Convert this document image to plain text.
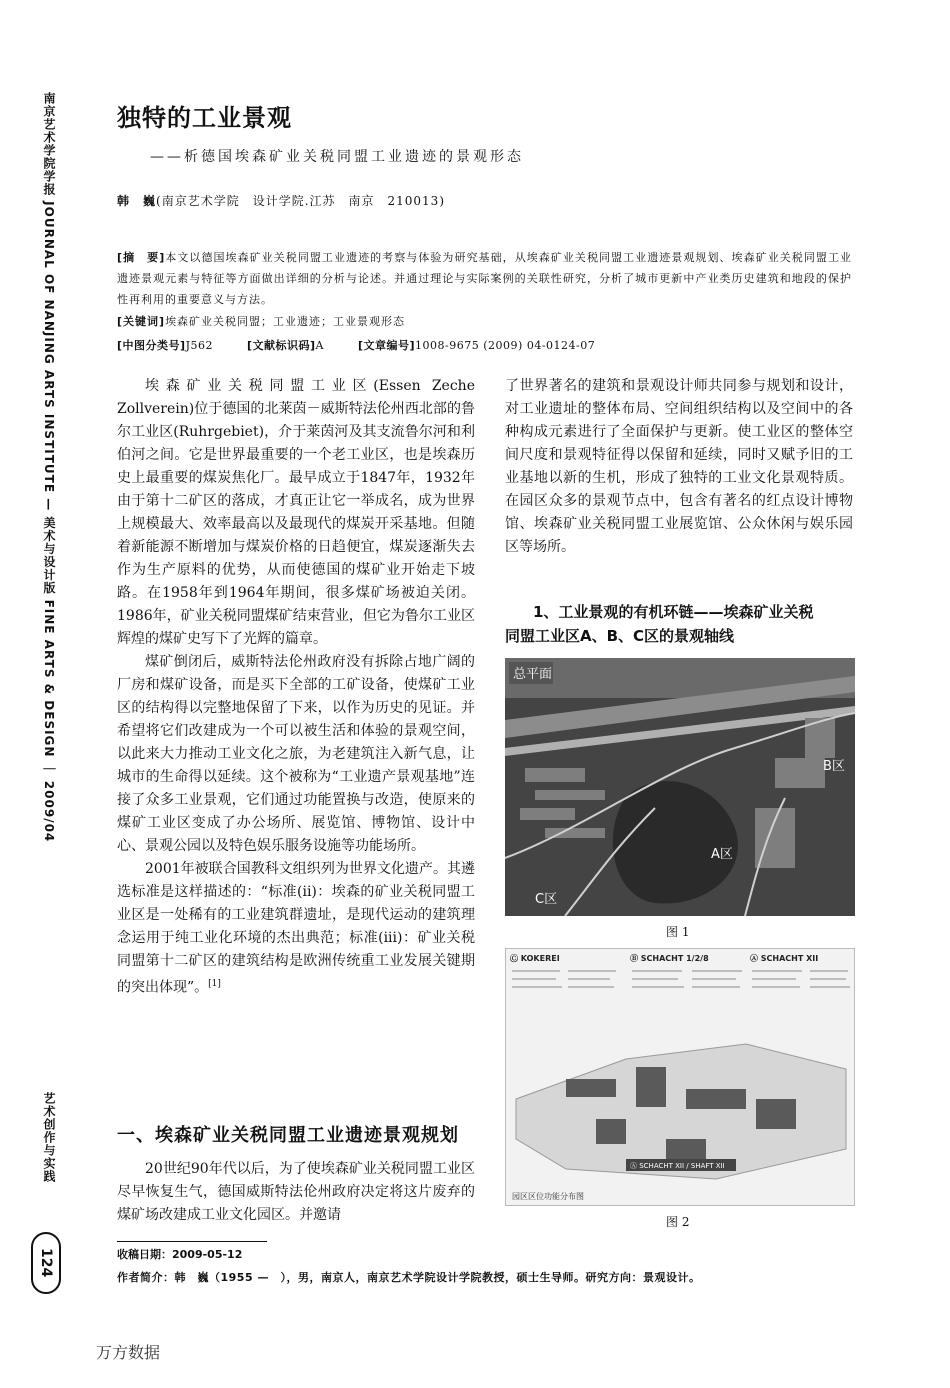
南京艺术学院学报 JOURNAL OF NANJING ARTS INSTITUTE — 美术与设计版 FINE ARTS & DESIGN ｜ 2009/04
艺术创作与实践
124
独特的工业景观
——析德国埃森矿业关税同盟工业遗迹的景观形态
韩　巍(南京艺术学院　设计学院.江苏　南京　210013)
[摘　要]本文以德国埃森矿业关税同盟工业遗迹的考察与体验为研究基础，从埃森矿业关税同盟工业遗迹景观规划、埃森矿业关税同盟工业遗迹景观元素与特征等方面做出详细的分析与论述。并通过理论与实际案例的关联性研究，分析了城市更新中产业类历史建筑和地段的保护性再利用的重要意义与方法。
[关键词]埃森矿业关税同盟；工业遗迹；工业景观形态
[中图分类号]J562	[文献标识码]A	[文章编号]1008-9675 (2009) 04-0124-07

埃森矿业关税同盟工业区(Essen Zeche Zollverein)位于德国的北莱茵－威斯特法伦州西北部的鲁尔工业区(Ruhrgebiet)，介于莱茵河及其支流鲁尔河和利伯河之间。它是世界最重要的一个老工业区，也是埃森历史上最重要的煤炭焦化厂。最早成立于1847年，1932年由于第十二矿区的落成，才真正让它一举成名，成为世界上规模最大、效率最高以及最现代的煤炭开采基地。但随着新能源不断增加与煤炭价格的日趋便宜，煤炭逐渐失去作为生产原料的优势，从而使德国的煤矿业开始走下坡路。在1958年到1964年期间，很多煤矿场被迫关闭。1986年，矿业关税同盟煤矿结束营业，但它为鲁尔工业区辉煌的煤矿史写下了光辉的篇章。

煤矿倒闭后，威斯特法伦州政府没有拆除占地广阔的厂房和煤矿设备，而是买下全部的工矿设备，使煤矿工业区的结构得以完整地保留了下来，以作为历史的见证。并希望将它们改建成为一个可以被生活和体验的景观空间，以此来大力推动工业文化之旅，为老建筑注入新气息，让城市的生命得以延续。这个被称为“工业遗产景观基地”连接了众多工业景观，它们通过功能置换与改造，使原来的煤矿工业区变成了办公场所、展览馆、博物馆、设计中心、景观公园以及特色娱乐服务设施等功能场所。

2001年被联合国教科文组织列为世界文化遗产。其遴选标准是这样描述的：“标准(ii)：埃森的矿业关税同盟工业区是一处稀有的工业建筑群遗址，是现代运动的建筑理念运用于纯工业化环境的杰出典范；标准(iii)：矿业关税同盟第十二矿区的建筑结构是欧洲传统重工业发展关键期的突出体现”。[1]

一、埃森矿业关税同盟工业遗迹景观规划

20世纪90年代以后，为了使埃森矿业关税同盟工业区尽早恢复生气，德国威斯特法伦州政府决定将这片废弃的煤矿场改建成工业文化园区。并邀请

了世界著名的建筑和景观设计师共同参与规划和设计，对工业遗址的整体布局、空间组织结构以及空间中的各种构成元素进行了全面保护与更新。使工业区的整体空间尺度和景观特征得以保留和延续，同时又赋予旧的工业基地以新的生机，形成了独特的工业文化景观特质。在园区众多的景观节点中，包含有著名的红点设计博物馆、埃森矿业关税同盟工业展览馆、公众休闲与娱乐园区等场所。

1、工业景观的有机环链——埃森矿业关税
同盟工业区A、B、C区的景观轴线
总平面
A区
B区
C区
图 1
Ⓒ KOKEREI	Ⓑ SCHACHT 1/2/8	Ⓐ SCHACHT XII
Ⓐ SCHACHT XII / SHAFT XII
园区区位功能分布图
图 2
收稿日期：2009-05-12
作者简介：韩　巍（1955 —　），男，南京人，南京艺术学院设计学院教授，硕士生导师。研究方向：景观设计。
万方数据
